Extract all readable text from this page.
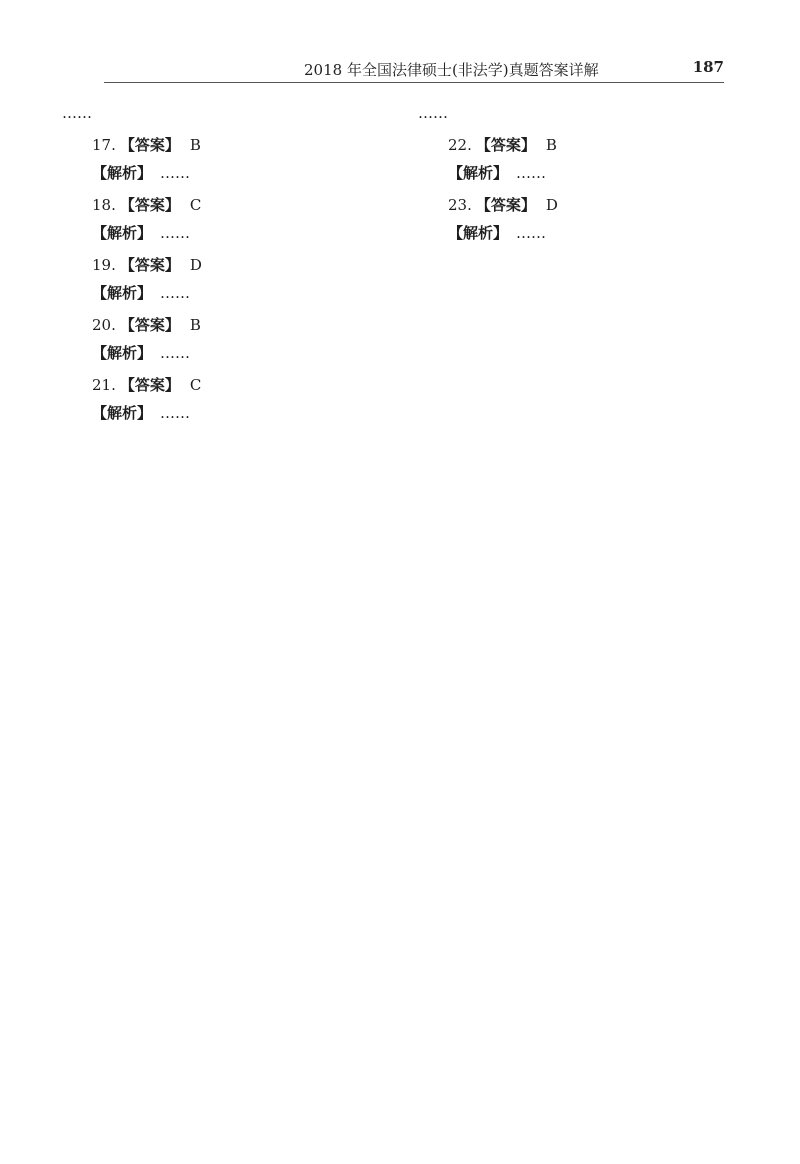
2018 年全国法律硕士(非法学)真题答案详解	187

……

17. 【答案】 B

【解析】 ……

18. 【答案】 C

【解析】 ……

19. 【答案】 D

【解析】 ……

20. 【答案】 B

【解析】 ……

21. 【答案】 C

【解析】 ……

……

22. 【答案】 B

【解析】 ……

23. 【答案】 D

【解析】 ……
